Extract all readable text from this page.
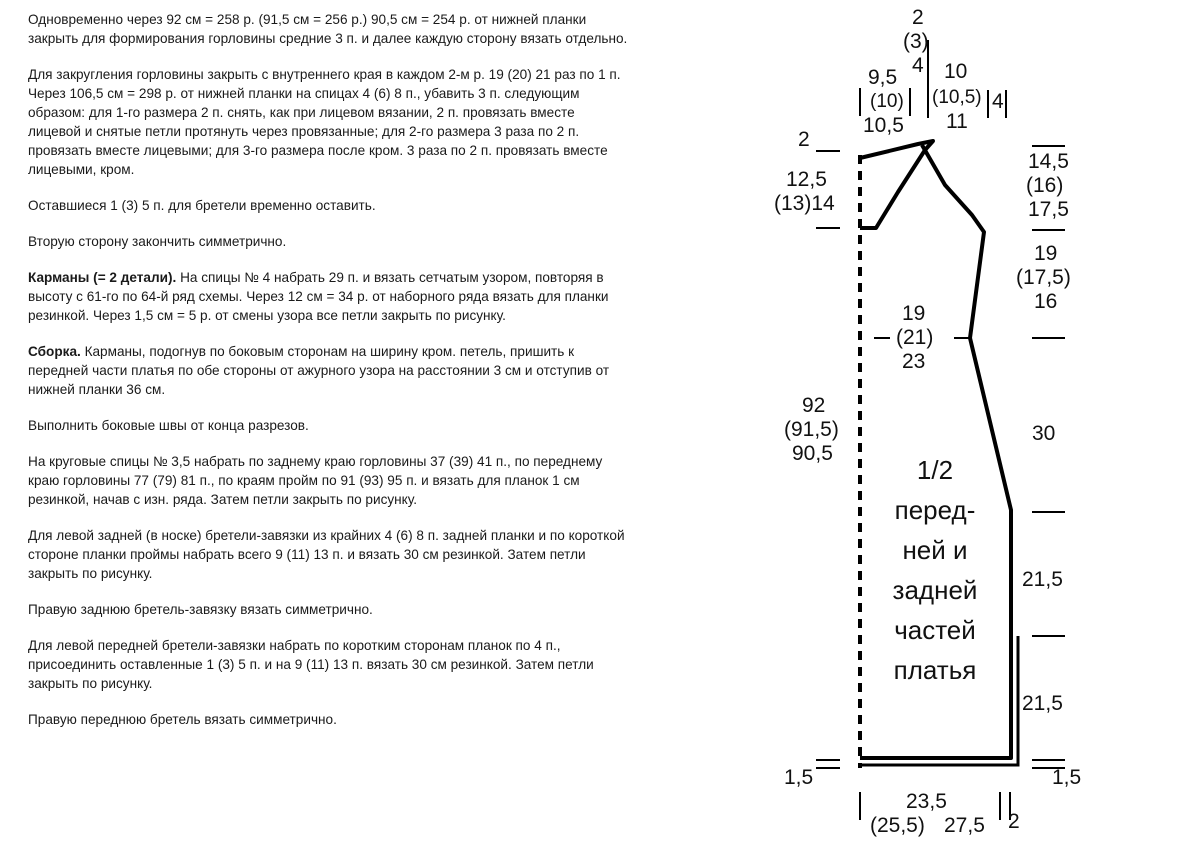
Одновременно через 92 см = 258 р. (91,5 см = 256 р.) 90,5 см = 254 р. от нижней планки закрыть для формирования горловины средние 3 п. и далее каждую сторону вязать отдельно.

Для закругления горловины закрыть с внутреннего края в каждом 2-м р. 19 (20) 21 раз по 1 п. Через 106,5 см = 298 р. от нижней планки на спицах 4 (6) 8 п., убавить 3 п. следующим образом: для 1-го размера 2 п. снять, как при лицевом вязании, 2 п. провязать вместе лицевой и снятые петли протянуть через провязанные; для 2-го размера 3 раза по 2 п. провязать вместе лицевыми; для 3-го размера после кром. 3 раза по 2 п. провязать вместе лицевыми, кром.

Оставшиеся 1 (3) 5 п. для бретели временно оставить.

Вторую сторону закончить симметрично.

Карманы (= 2 детали). На спицы № 4 набрать 29 п. и вязать сетчатым узором, повторяя в высоту с 61-го по 64-й ряд схемы. Через 12 см = 34 р. от наборного ряда вязать для планки резинкой. Через 1,5 см = 5 р. от смены узора все петли закрыть по рисунку.

Сборка. Карманы, подогнув по боковым сторонам на ширину кром. петель, пришить к передней части платья по обе стороны от ажурного узора на расстоянии 3 см и отступив от нижней планки 36 см.

Выполнить боковые швы от конца разрезов.

На круговые спицы № 3,5 набрать по заднему краю горловины 37 (39) 41 п., по переднему краю горловины 77 (79) 81 п., по краям пройм по 91 (93) 95 п. и вязать для планок 1 см резинкой, начав с изн. ряда. Затем петли закрыть по рисунку.

Для левой задней (в носке) бретели-завязки из крайних 4 (6) 8 п. задней планки и по короткой стороне планки проймы набрать всего 9 (11) 13 п. и вязать 30 см резинкой. Затем петли закрыть по рисунку.

Правую заднюю бретель-завязку вязать симметрично.

Для левой передней бретели-завязки набрать по коротким сторонам планок по 4 п., присоединить оставленные 1 (3) 5 п. и на 9 (11) 13 п. вязать 30 см резинкой. Затем петли закрыть по рисунку.

Правую переднюю бретель вязать симметрично.

2
(3)
4
9,5
(10)
10,5
10
(10,5)
11
4
2
12,5
(13)14
92
(91,5)
90,5
1,5
14,5
(16)
17,5
19
(17,5)
16
30
21,5
21,5
1,5
19
(21)
23
23,5
(25,5) 27,5 2
1/2
перед-
ней и
задней
частей
платья
